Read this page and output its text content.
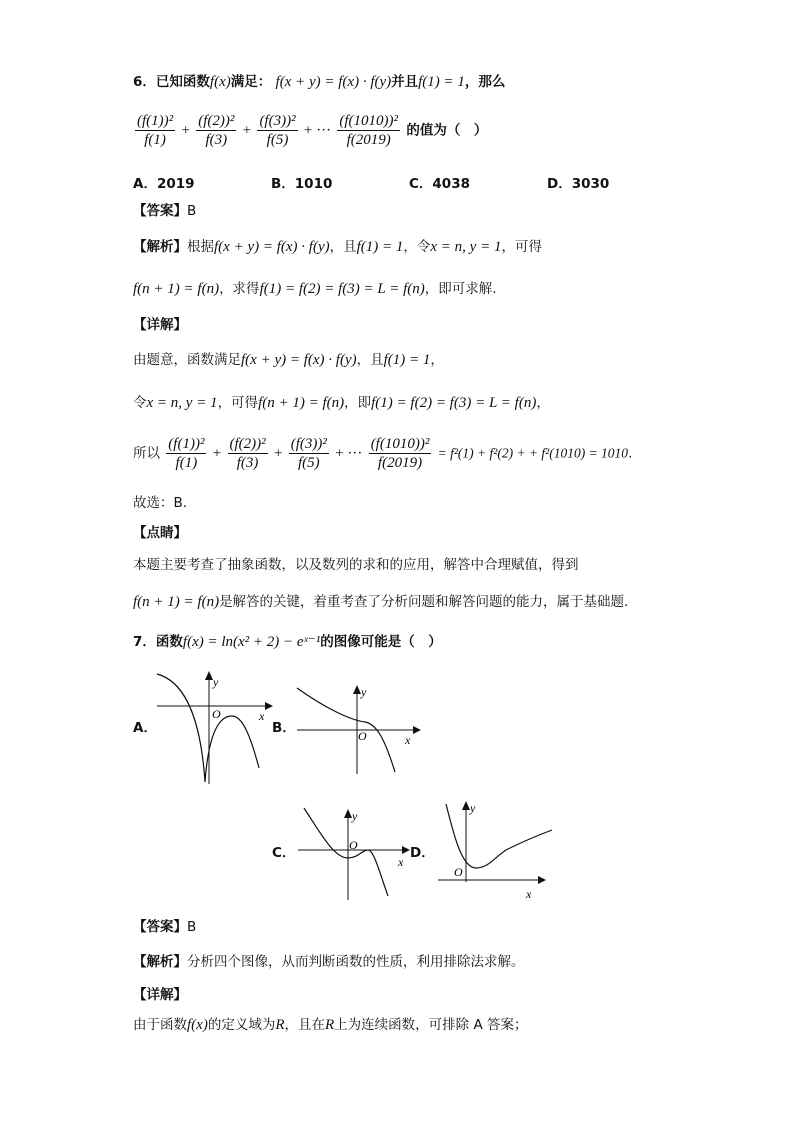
6．已知函数f(x)满足： f(x + y) = f(x) · f(y)并且f(1) = 1，那么
$\frac{\text{(f(1))²}}{f(1)} + \frac{\text{(f(2))²}}{f(3)} + \frac{\text{(f(3))²}}{f(5)}$ + ··· $\frac{\text{(f(1010))²}}{f(2019)}$ 的值为（　）
A．2019	B．1010	C．4038	D．3030
【答案】B
【解析】根据f(x + y) = f(x) · f(y)，且f(1) = 1，令x = n, y = 1，可得
f(n + 1) = f(n)，求得f(1) = f(2) = f(3) = L = f(n)，即可求解.
【详解】
由题意，函数满足f(x + y) = f(x) · f(y)，且f(1) = 1，
令x = n, y = 1，可得f(n + 1) = f(n)，即f(1) = f(2) = f(3) = L = f(n)，
所以 $\frac{\text{(f(1))²}}{f(1)} + \frac{\text{(f(2))²}}{f(3)} + \frac{\text{(f(3))²}}{f(5)}$ + ··· $\frac{\text{(f(1010))²}}{f(2019)} = f^2(1) + f^2(2)$ + + f²(1010) = 1010.
故选：B.
【点睛】
本题主要考查了抽象函数，以及数列的求和的应用，解答中合理赋值，得到
f(n + 1) = f(n)是解答的关键，着重考查了分析问题和解答问题的能力，属于基础题.
7．函数f(x) = ln(x² + 2) − eˣ⁻¹的图像可能是（　）
A．
y
x
O
B．
y
x
O
C．
y
x
O	D．
y
x
O
【答案】B
【解析】分析四个图像，从而判断函数的性质，利用排除法求解。
【详解】
由于函数f(x)的定义域为R，且在R上为连续函数，可排除 A 答案；
